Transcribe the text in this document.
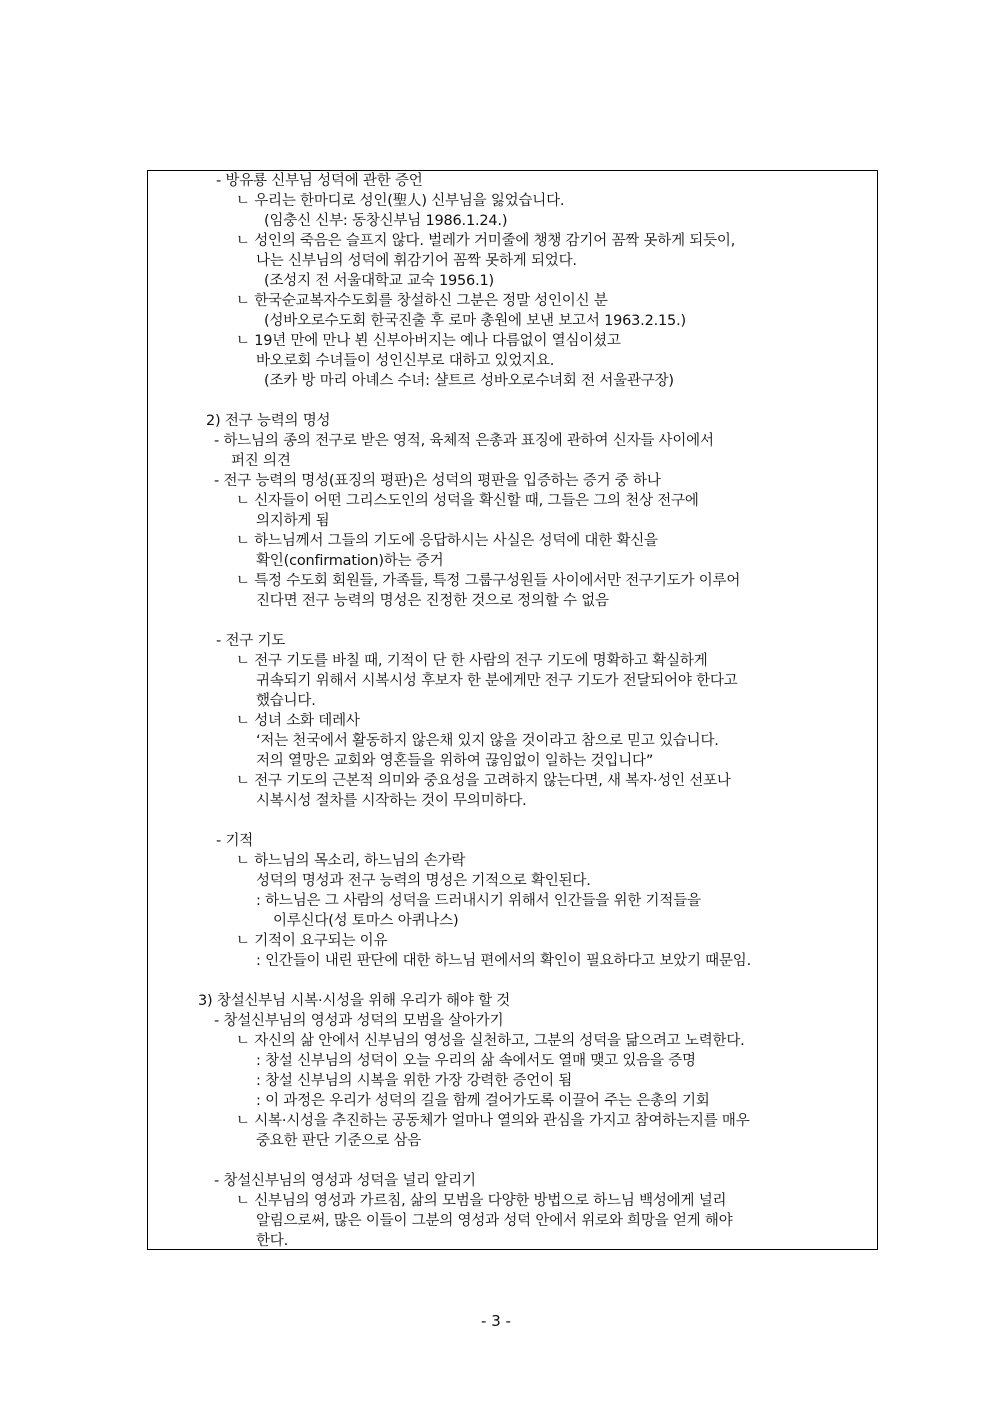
- 방유룡 신부님 성덕에 관한 증언
ㄴ 우리는 한마디로 성인(聖人) 신부님을 잃었습니다.
(임충신 신부: 동창신부님 1986.1.24.)
ㄴ 성인의 죽음은 슬프지 않다. 벌레가 거미줄에 챙챙 감기어 꼼짝 못하게 되듯이,
나는 신부님의 성덕에 휘감기어 꼼짝 못하게 되었다.
(조성지 전 서울대학교 교숙 1956.1)
ㄴ 한국순교복자수도회를 창설하신 그분은 정말 성인이신 분
(성바오로수도회 한국진출 후 로마 총원에 보낸 보고서 1963.2.15.)
ㄴ 19년 만에 만나 뵌 신부아버지는 예나 다름없이 열심이셨고
바오로회 수녀들이 성인신부로 대하고 있었지요.
(조카 방 마리 아녜스 수녀: 샬트르 성바오로수녀회 전 서울관구장)
2) 전구 능력의 명성
- 하느님의 종의 전구로 받은 영적, 육체적 은총과 표징에 관하여 신자들 사이에서
퍼진 의견
- 전구 능력의 명성(표징의 평판)은 성덕의 평판을 입증하는 증거 중 하나
ㄴ 신자들이 어떤 그리스도인의 성덕을 확신할 때, 그들은 그의 천상 전구에
의지하게 됨
ㄴ 하느님께서 그들의 기도에 응답하시는 사실은 성덕에 대한 확신을
확인(confirmation)하는 증거
ㄴ 특정 수도회 회원들, 가족들, 특정 그룹구성원들 사이에서만 전구기도가 이루어
진다면 전구 능력의 명성은 진정한 것으로 정의할 수 없음
- 전구 기도
ㄴ 전구 기도를 바칠 때, 기적이 단 한 사람의 전구 기도에 명확하고 확실하게
귀속되기 위해서 시복시성 후보자 한 분에게만 전구 기도가 전달되어야 한다고
했습니다.
ㄴ 성녀 소화 데레사
‘저는 천국에서 활동하지 않은채 있지 않을 것이라고 참으로 믿고 있습니다.
저의 열망은 교회와 영혼들을 위하여 끊임없이 일하는 것입니다”
ㄴ 전구 기도의 근본적 의미와 중요성을 고려하지 않는다면, 새 복자·성인 선포나
시복시성 절차를 시작하는 것이 무의미하다.
- 기적
ㄴ 하느님의 목소리, 하느님의 손가락
성덕의 명성과 전구 능력의 명성은 기적으로 확인된다.
: 하느님은 그 사람의 성덕을 드러내시기 위해서 인간들을 위한 기적들을
이루신다(성 토마스 아퀴나스)
ㄴ 기적이 요구되는 이유
: 인간들이 내린 판단에 대한 하느님 편에서의 확인이 필요하다고 보았기 때문임.
3) 창설신부님 시복·시성을 위해 우리가 해야 할 것
- 창설신부님의 영성과 성덕의 모범을 살아가기
ㄴ 자신의 삶 안에서 신부님의 영성을 실천하고, 그분의 성덕을 닮으려고 노력한다.
: 창설 신부님의 성덕이 오늘 우리의 삶 속에서도 열매 맺고 있음을 증명
: 창설 신부님의 시복을 위한 가장 강력한 증언이 됨
: 이 과정은 우리가 성덕의 길을 함께 걸어가도록 이끌어 주는 은총의 기회
ㄴ 시복·시성을 추진하는 공동체가 얼마나 열의와 관심을 가지고 참여하는지를 매우
중요한 판단 기준으로 삼음
- 창설신부님의 영성과 성덕을 널리 알리기
ㄴ 신부님의 영성과 가르침, 삶의 모범을 다양한 방법으로 하느님 백성에게 널리
알림으로써, 많은 이들이 그분의 영성과 성덕 안에서 위로와 희망을 얻게 해야
한다.
- 3 -
